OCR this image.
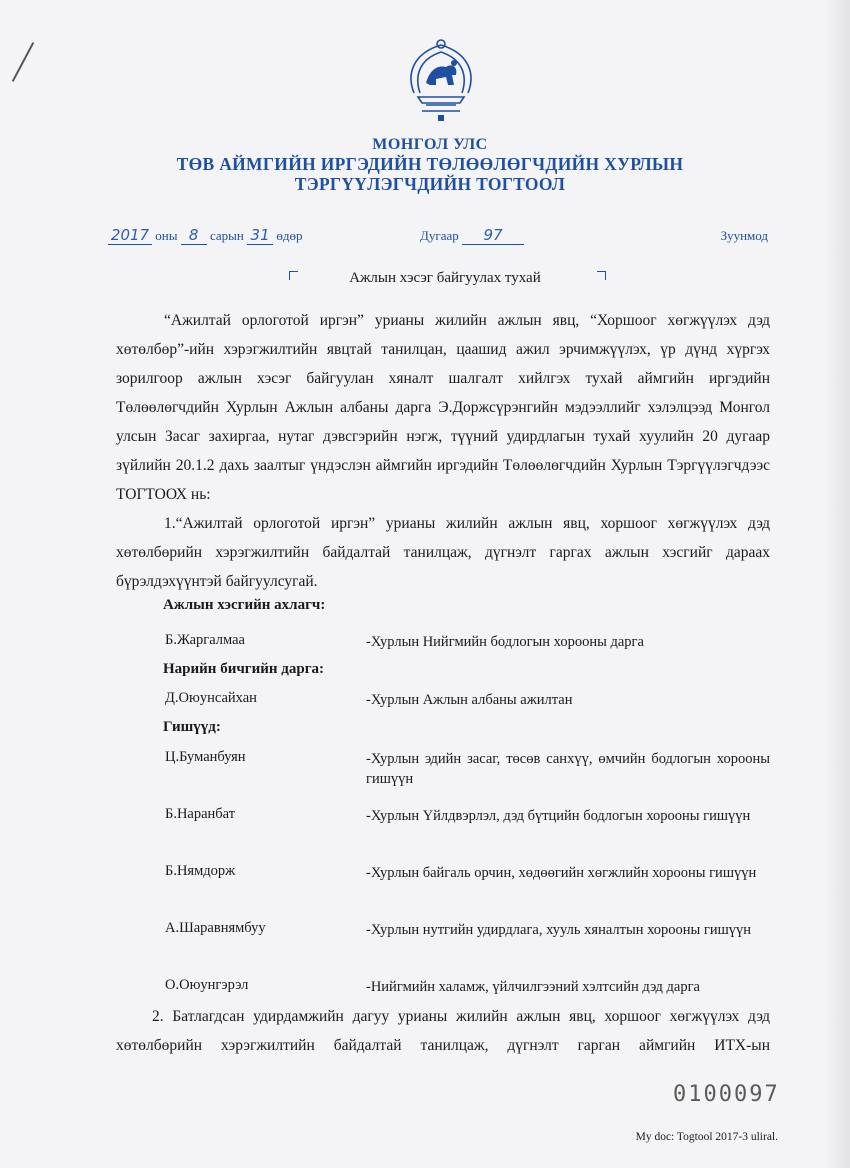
МОНГОЛ УЛС
ТӨВ АЙМГИЙН ИРГЭДИЙН ТӨЛӨӨЛӨГЧДИЙН ХУРЛЫН
ТЭРГҮҮЛЭГЧДИЙН ТОГТООЛ
2017 оны 8 сарын 31 өдөр	Дугаар 97	Зуунмод
Ажлын хэсэг байгуулах тухай
“Ажилтай орлоготой иргэн” урианы жилийн ажлын явц, “Хоршоог хөгжүүлэх дэд хөтөлбөр”-ийн хэрэгжилтийн явцтай танилцан, цаашид ажил эрчимжүүлэх, үр дүнд хүргэх зорилгоор ажлын хэсэг байгуулан хяналт шалгалт хийлгэх тухай аймгийн иргэдийн Төлөөлөгчдийн Хурлын Ажлын албаны дарга Э.Доржсүрэнгийн мэдээллийг хэлэлцээд Монгол улсын Засаг захиргаа, нутаг дэвсгэрийн нэгж, түүний удирдлагын тухай хуулийн 20 дугаар зүйлийн 20.1.2 дахь заалтыг үндэслэн аймгийн иргэдийн Төлөөлөгчдийн Хурлын Тэргүүлэгчдээс ТОГТООХ нь:
1.“Ажилтай орлоготой иргэн” урианы жилийн ажлын явц, хоршоог хөгжүүлэх дэд хөтөлбөрийн хэрэгжилтийн байдалтай танилцаж, дүгнэлт гаргах ажлын хэсгийг дараах бүрэлдэхүүнтэй байгуулсугай.
Ажлын хэсгийн ахлагч:
Б.Жаргалмаа	-Хурлын Нийгмийн бодлогын хорооны дарга
Нарийн бичгийн дарга:
Д.Оюунсайхан	-Хурлын Ажлын албаны ажилтан
Гишүүд:
Ц.Буманбуян	-Хурлын эдийн засаг, төсөв санхүү, өмчийн бодлогын хорооны гишүүн
Б.Наранбат	-Хурлын Үйлдвэрлэл, дэд бүтцийн бодлогын хорооны гишүүн
Б.Нямдорж	-Хурлын байгаль орчин, хөдөөгийн хөгжлийн хорооны гишүүн
А.Шаравнямбуу	-Хурлын нутгийн удирдлага, хууль хяналтын хорооны гишүүн
О.Оюунгэрэл	-Нийгмийн халамж, үйлчилгээний хэлтсийн дэд дарга
2. Батлагдсан удирдамжийн дагуу урианы жилийн ажлын явц, хоршоог хөгжүүлэх дэд хөтөлбөрийн хэрэгжилтийн байдалтай танилцаж, дүгнэлт гарган аймгийн ИТХ-ын
0100097
My doc: Togtool 2017-3 uliral.
